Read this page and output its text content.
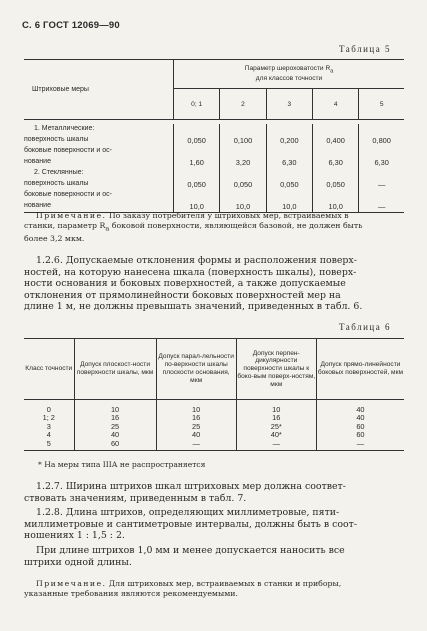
С. 6 ГОСТ 12069—90
Таблица 5
Штриховые меры	Параметр шероховатости $R_a$
для классов точности				
	0; 1	2	3	4	5

1. Металлические:					
поверхность шкалы	0,050	0,100	0,200	0,400	0,800
боковые поверхности и ос-					
нование	1,60	3,20	6,30	6,30	6,30
2. Стеклянные:					
поверхность шкалы	0,050	0,050	0,050	0,050	—
боковые поверхности и ос-					
нование	10,0	10,0	10,0	10,0	—
Примечание. По заказу потребителя у штриховых мер, встраиваемых в
станки, параметр $R_a$ боковой поверхности, являющейся базовой, не должен быть
более 3,2 мкм.
1.2.6. Допускаемые отклонения формы и расположения поверх-
ностей, на которую нанесена шкала (поверхность шкалы), поверх-
ности основания и боковых поверхностей, а также допускаемые
отклонения от прямолинейности боковых поверхностей мер на
длине 1 м, не должны превышать значений, приведенных в табл. 6.
Таблица 6
Класс точности	Допуск плоскост-ности поверхности шкалы, мкм	Допуск парал-лельности по-верхности шкалы плоскости основания, мкм	Допуск перпен-дикулярности поверхности шкалы к боко-вым поверх-ностям, мкм	Допуск прямо-линейности боковых поверхностей, мкм
0	10	10	10	40
1; 2	16	16	16	40
3	25	25	25*	60
4	40	40	40*	60
5	60	—	—	—
* На меры типа IIIА не распространяется
1.2.7. Ширина штрихов шкал штриховых мер должна соответ-
ствовать значениям, приведенным в табл. 7.
1.2.8. Длина штрихов, определяющих миллиметровые, пяти-
миллиметровые и сантиметровые интервалы, должны быть в соот-
ношениях 1 : 1,5 : 2.
При длине штрихов 1,0 мм и менее допускается наносить все
штрихи одной длины.
Примечание. Для штриховых мер, встраиваемых в станки и приборы,
указанные требования являются рекомендуемыми.
